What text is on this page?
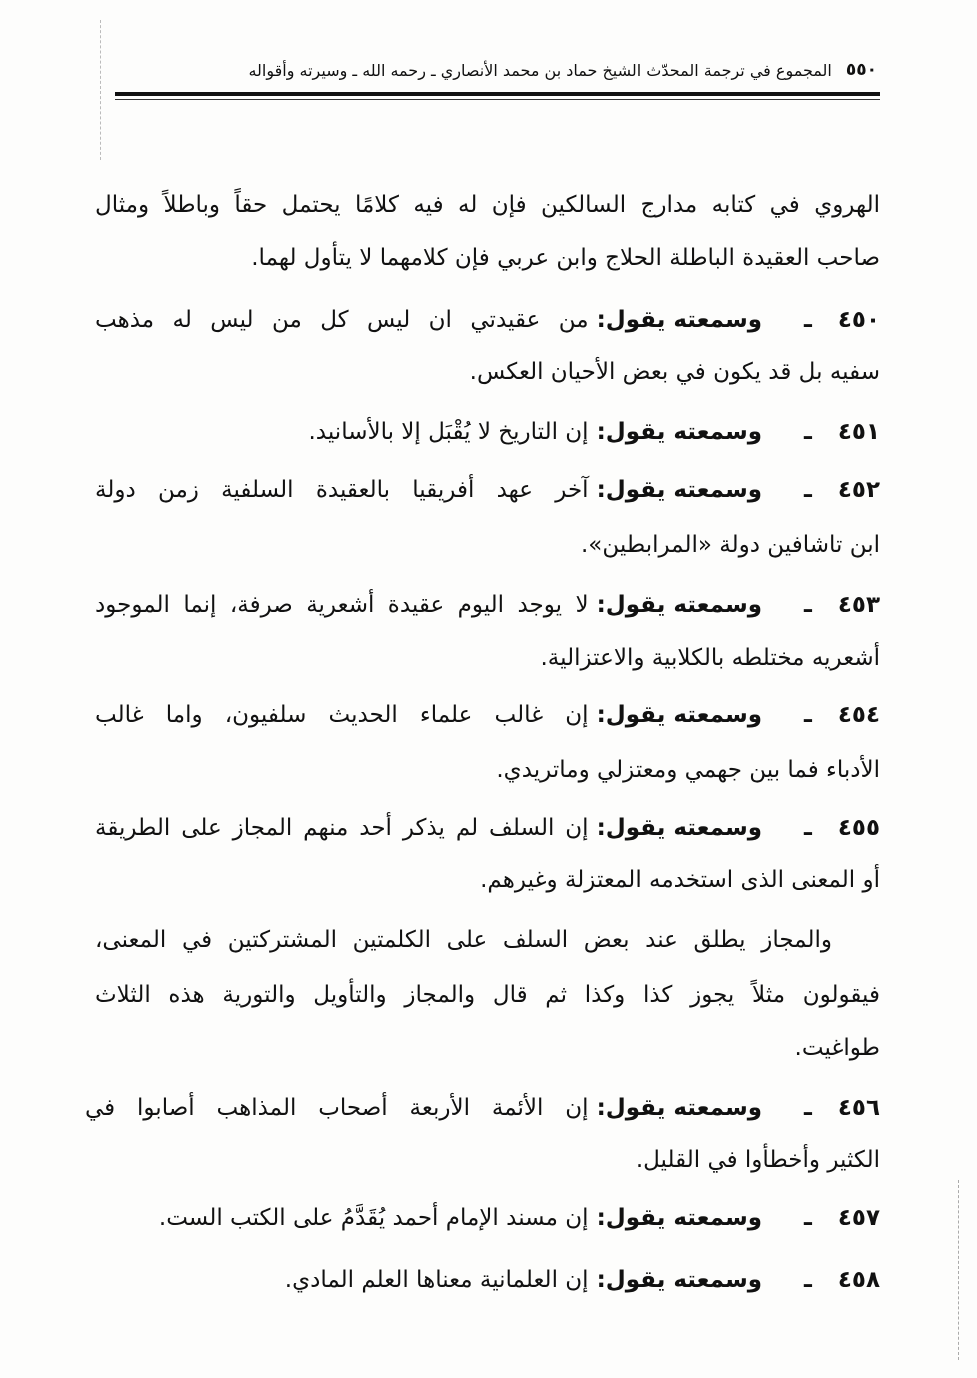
٥٥٠
المجموع في ترجمة المحدّث الشيخ حماد بن محمد الأنصاري ـ رحمه الله ـ وسيرته وأقواله
الهروي في كتابه مدارج السالكين فإن له فيه كلامًا يحتمل حقاً وباطلاً ومثال
صاحب العقيدة الباطلة الحلاج وابن عربي فإن كلامهما لا يتأول لهما.
٤٥٠
ـ
وسمعته يقول:
من عقيدتي ان ليس كل من ليس له مذهب
سفيه بل قد يكون في بعض الأحيان العكس.
٤٥١
ـ
وسمعته يقول:
إن التاريخ لا يُقْبَل إلا بالأسانيد.
٤٥٢
ـ
وسمعته يقول:
آخر عهد أفريقيا بالعقيدة السلفية زمن دولة
ابن تاشافين دولة «المرابطين».
٤٥٣
ـ
وسمعته يقول:
لا يوجد اليوم عقيدة أشعرية صرفة، إنما الموجود
أشعريه مختلطه بالكلابية والاعتزالية.
٤٥٤
ـ
وسمعته يقول:
إن غالب علماء الحديث سلفيون، واما غالب
الأدباء فما بين جهمي ومعتزلي وماتريدي.
٤٥٥
ـ
وسمعته يقول:
إن السلف لم يذكر أحد منهم المجاز على الطريقة
أو المعنى الذى استخدمه المعتزلة وغيرهم.
والمجاز يطلق عند بعض السلف على الكلمتين المشتركتين في المعنى،
فيقولون مثلاً يجوز كذا وكذا ثم قال والمجاز والتأويل والتورية هذه الثلاث
طواغيت.
٤٥٦
ـ
وسمعته يقول:
إن الأئمة الأربعة أصحاب المذاهب أصابوا في
الكثير وأخطأوا في القليل.
٤٥٧
ـ
وسمعته يقول:
إن مسند الإمام أحمد يُقَدَّمُ على الكتب الست.
٤٥٨
ـ
وسمعته يقول:
إن العلمانية معناها العلم المادي.
